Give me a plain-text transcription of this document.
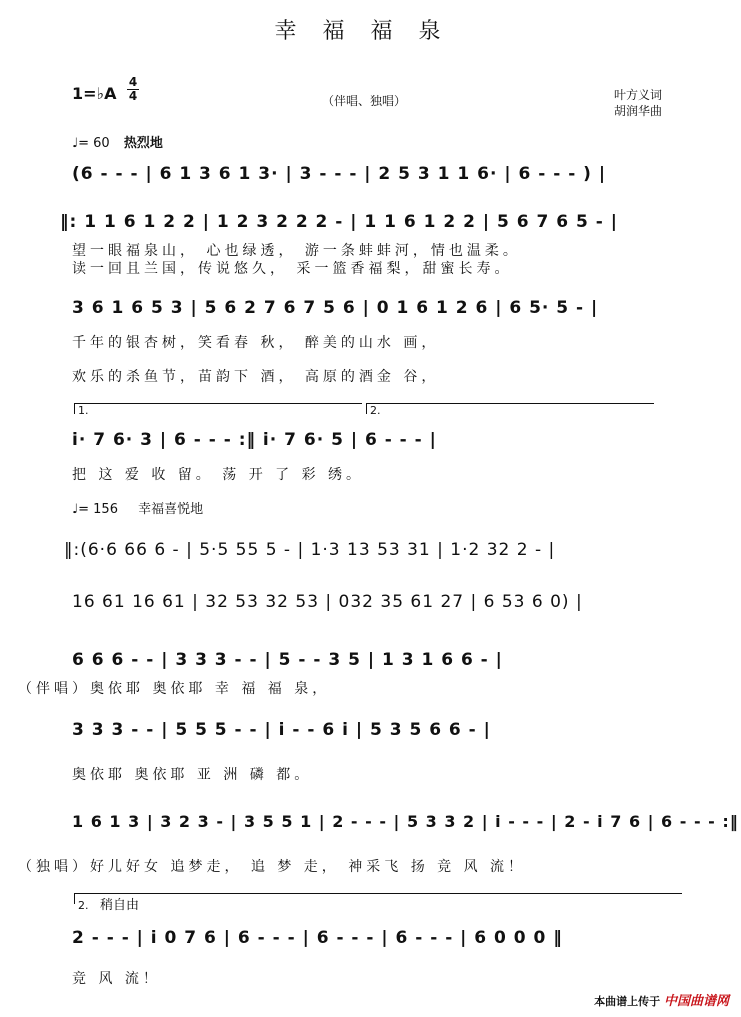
幸福福泉
1=♭A
4
4	（伴唱、独唱）	叶方义词
胡润华曲
♩= 60 热烈地
(6 - - - | 6 1 3 6 1 3· | 3 - - - | 2 5 3 1 1 6· | 6 - - - ) |
‖: 1 1 6 1 2 2 | 1 2 3 2 2 2 - | 1 1 6 1 2 2 | 5 6 7 6 5 - |
望一眼福泉山， 心也绿透， 游一条蚌蚌河，情也温柔。
读一回且兰国，传说悠久， 采一篮香福梨，甜蜜长寿。
3 6 1 6 5 3 | 5 6 2 7 6 7 5 6 | 0 1 6 1 2 6 | 6 5· 5 - |
千年的银杏树，笑看春 秋， 醉美的山水 画，
欢乐的杀鱼节，苗韵下 酒， 高原的酒金 谷，
1.	2.
i· 7 6· 3 | 6 - - - :‖ i· 7 6· 5 | 6 - - - |
把 这 爱 收 留。 荡 开 了 彩 绣。
♩= 156 幸福喜悦地
‖:(6·6 66 6 - | 5·5 55 5 - | 1·3 13 53 31 | 1·2 32 2 - |
16 61 16 61 | 32 53 32 53 | 032 35 61 27 | 6 53 6 0) |
6 6 6 - - | 3 3 3 - - | 5 - - 3 5 | 1 3 1 6 6 - |
（伴唱）奥依耶 奥依耶 幸 福 福 泉，
3 3 3 - - | 5 5 5 - - | i - - 6 i | 5 3 5 6 6 - |
奥依耶 奥依耶 亚 洲 磷 都。
1 6 1 3 | 3 2 3 - | 3 5 5 1 | 2 - - - | 5 3 3 2 | i - - - | 2 - i 7 6 | 6 - - - :‖
（独唱）好儿好女 追梦走， 追 梦 走， 神采飞 扬 竞 风 流！
2. 稍自由
2 - - - | i 0 7 6 | 6 - - - | 6 - - - | 6 - - - | 6 0 0 0 ‖
竞 风 流！
本曲谱上传于 中国曲谱网
